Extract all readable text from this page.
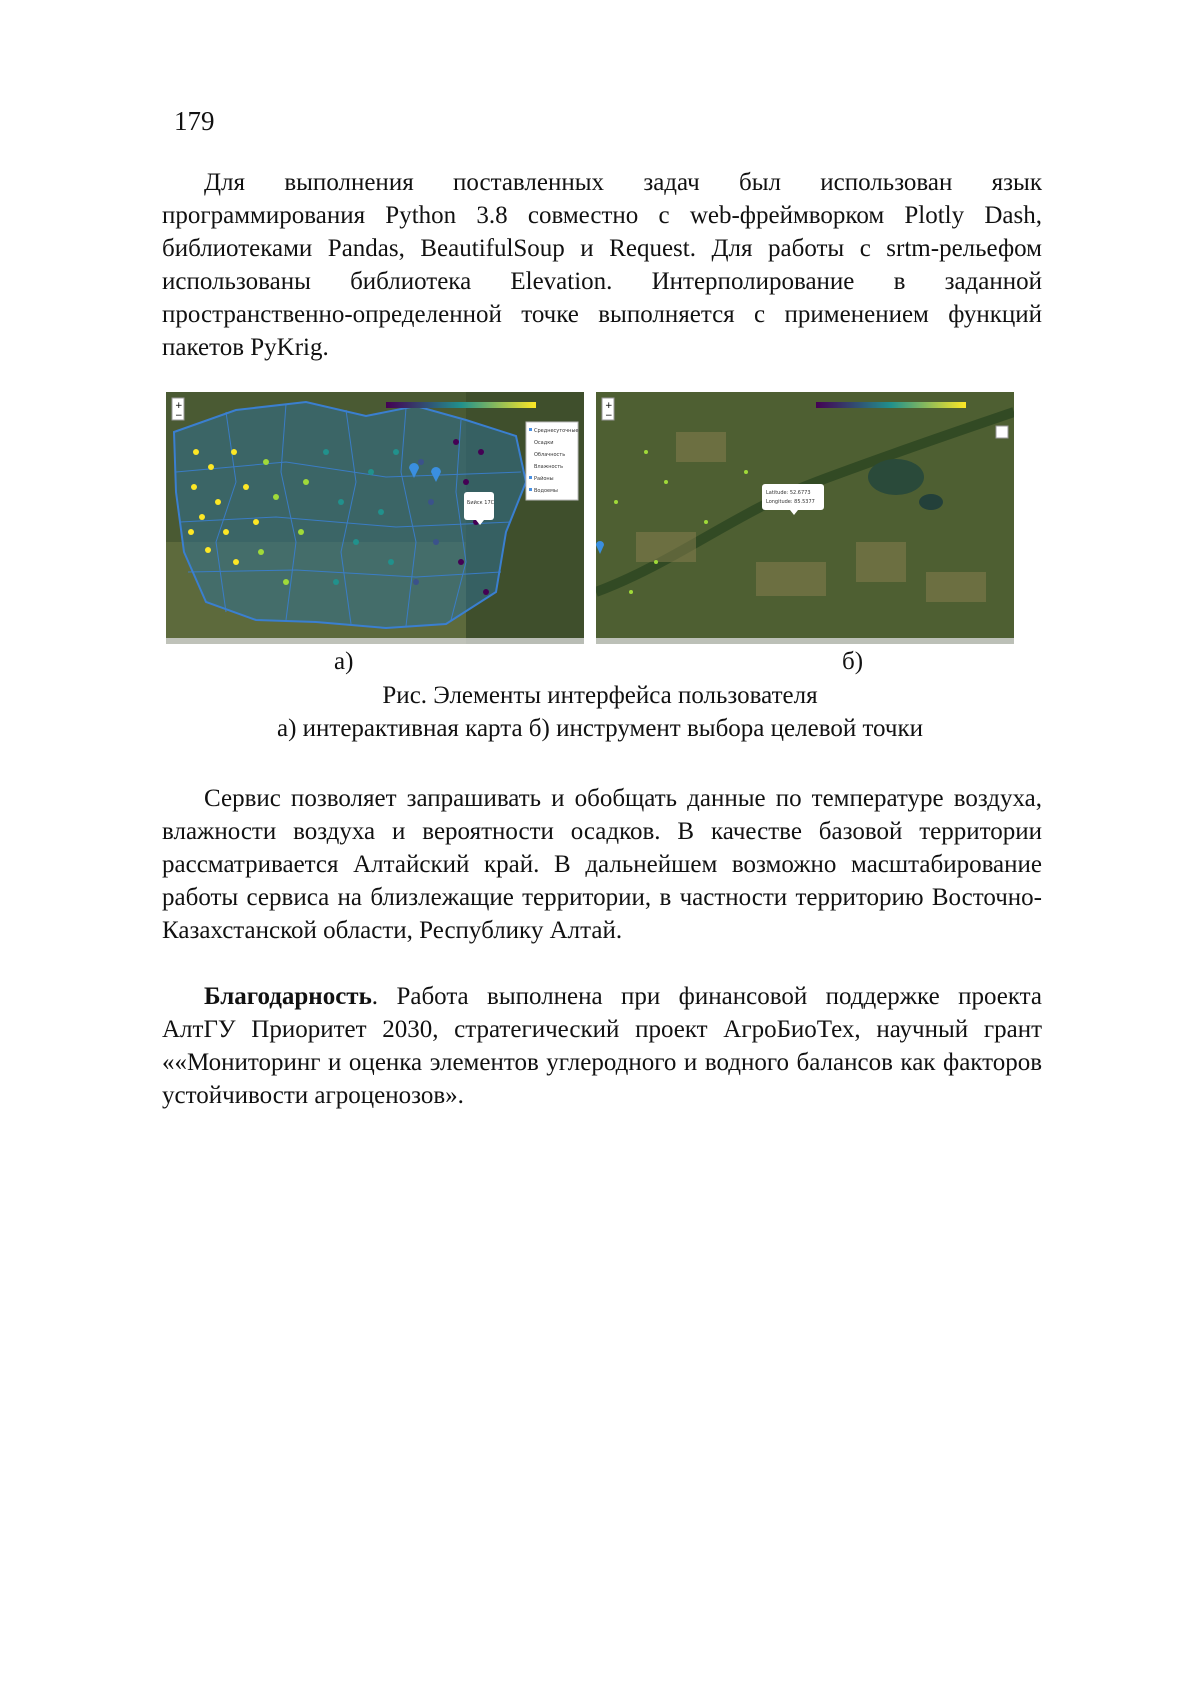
179

Для выполнения поставленных задач был использован язык программирования Python 3.8 совместно с web-фреймворком Plotly Dash, библиотеками Pandas, BeautifulSoup и Request. Для работы с srtm-рельефом использованы библиотека Elevation. Интерполирование в заданной пространственно-определенной точке выполняется с применением функций пакетов PyKrig.

+
−
Среднесуточные
Осадки
Облачность
Влажность
Районы
Водоемы
Бийск 17С
+
−
Latitude: 52.6773
Longitude: 85.5377
а)	б)
Рис. Элементы интерфейса пользователя
а) интерактивная карта б) инструмент выбора целевой точки

Сервис позволяет запрашивать и обобщать данные по температуре воздуха, влажности воздуха и вероятности осадков. В качестве базовой территории рассматривается Алтайский край. В дальнейшем возможно масштабирование работы сервиса на близлежащие территории, в частности территорию Восточно-Казахстанской области, Республику Алтай.

Благодарность. Работа выполнена при финансовой поддержке проекта АлтГУ Приоритет 2030, стратегический проект АгроБиоТех, научный грант ««Мониторинг и оценка элементов углеродного и водного балансов как факторов устойчивости агроценозов».
